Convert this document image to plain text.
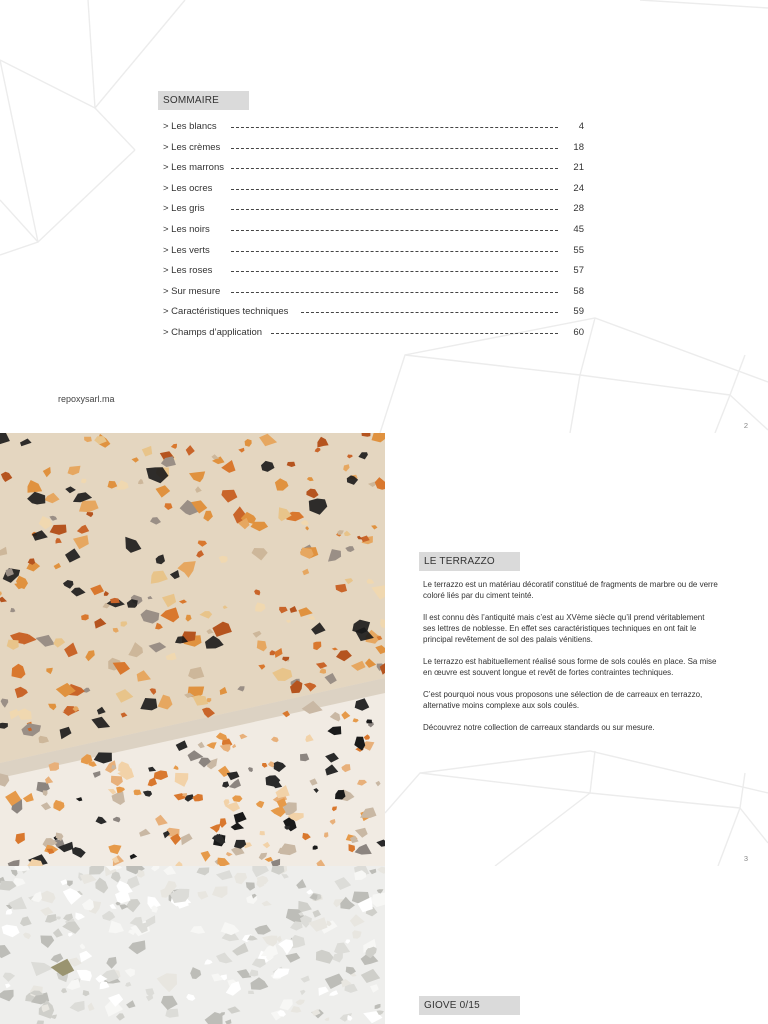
SOMMAIRE
> Les blancs	4
> Les crèmes	18
> Les marrons	21
> Les ocres	24
> Les gris	28
> Les noirs	45
> Les verts	55
> Les roses	57
> Sur mesure	58
> Caractéristiques techniques	59
> Champs d’application	60
repoxysarl.ma
2
LE TERRAZZO

Le terrazzo est un matériau décoratif constitué de fragments de marbre ou de verre coloré liés par du ciment teinté.

Il est connu dès l’antiquité mais c’est au XVème siècle qu’il prend véritablement ses lettres de noblesse. En effet ses caractéristiques techniques en ont fait le principal revêtement de sol des palais vénitiens.

Le terrazzo est habituellement réalisé sous forme de sols coulés en place. Sa mise en œuvre est souvent longue et revêt de fortes contraintes techniques.

C’est pourquoi nous vous proposons une sélection de de carreaux en terrazzo, alternative moins complexe aux sols coulés.

Découvrez notre collection de carreaux standards ou sur mesure.

3
GIOVE 0/15
